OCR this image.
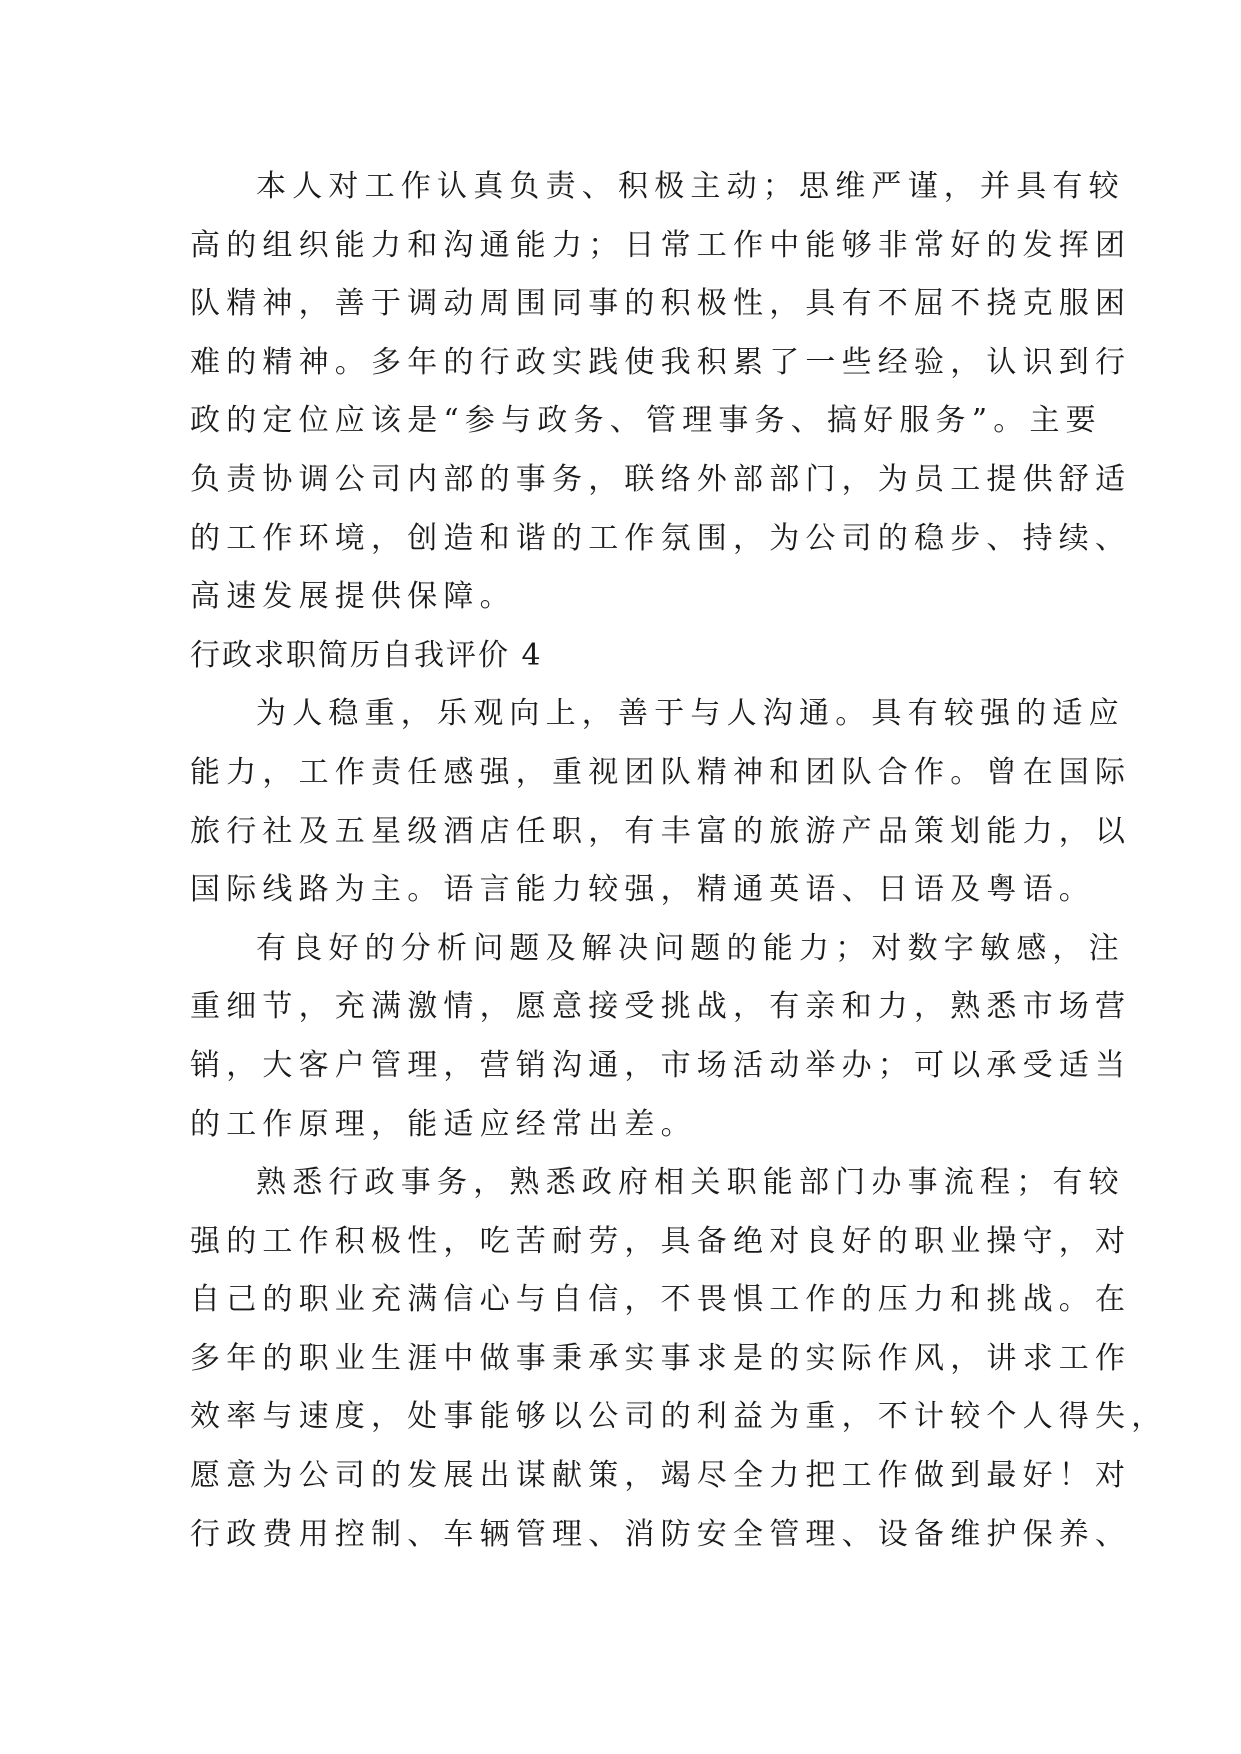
本人对工作认真负责、积极主动；思维严谨，并具有较
高的组织能力和沟通能力；日常工作中能够非常好的发挥团
队精神，善于调动周围同事的积极性，具有不屈不挠克服困
难的精神。多年的行政实践使我积累了一些经验，认识到行
政的定位应该是“参与政务、管理事务、搞好服务”。主要
负责协调公司内部的事务，联络外部部门，为员工提供舒适
的工作环境，创造和谐的工作氛围，为公司的稳步、持续、
高速发展提供保障。
行政求职简历自我评价 4
为人稳重，乐观向上，善于与人沟通。具有较强的适应
能力，工作责任感强，重视团队精神和团队合作。曾在国际
旅行社及五星级酒店任职，有丰富的旅游产品策划能力，以
国际线路为主。语言能力较强，精通英语、日语及粤语。
有良好的分析问题及解决问题的能力；对数字敏感，注
重细节，充满激情，愿意接受挑战，有亲和力，熟悉市场营
销，大客户管理，营销沟通，市场活动举办；可以承受适当
的工作原理，能适应经常出差。
熟悉行政事务，熟悉政府相关职能部门办事流程；有较
强的工作积极性，吃苦耐劳，具备绝对良好的职业操守，对
自己的职业充满信心与自信，不畏惧工作的压力和挑战。在
多年的职业生涯中做事秉承实事求是的实际作风，讲求工作
效率与速度，处事能够以公司的利益为重，不计较个人得失，
愿意为公司的发展出谋献策，竭尽全力把工作做到最好！对
行政费用控制、车辆管理、消防安全管理、设备维护保养、
